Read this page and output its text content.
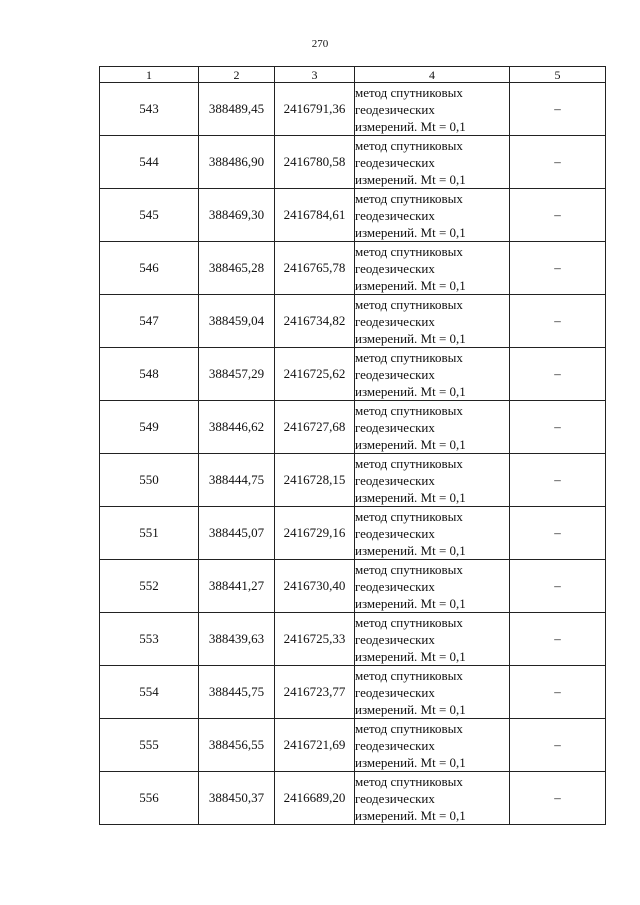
270
1	2	3	4	5
543	388489,45	2416791,36	метод спутниковых
геодезических
измерений. Mt = 0,1	–
544	388486,90	2416780,58	метод спутниковых
геодезических
измерений. Mt = 0,1	–
545	388469,30	2416784,61	метод спутниковых
геодезических
измерений. Mt = 0,1	–
546	388465,28	2416765,78	метод спутниковых
геодезических
измерений. Mt = 0,1	–
547	388459,04	2416734,82	метод спутниковых
геодезических
измерений. Mt = 0,1	–
548	388457,29	2416725,62	метод спутниковых
геодезических
измерений. Mt = 0,1	–
549	388446,62	2416727,68	метод спутниковых
геодезических
измерений. Mt = 0,1	–
550	388444,75	2416728,15	метод спутниковых
геодезических
измерений. Mt = 0,1	–
551	388445,07	2416729,16	метод спутниковых
геодезических
измерений. Mt = 0,1	–
552	388441,27	2416730,40	метод спутниковых
геодезических
измерений. Mt = 0,1	–
553	388439,63	2416725,33	метод спутниковых
геодезических
измерений. Mt = 0,1	–
554	388445,75	2416723,77	метод спутниковых
геодезических
измерений. Mt = 0,1	–
555	388456,55	2416721,69	метод спутниковых
геодезических
измерений. Mt = 0,1	–
556	388450,37	2416689,20	метод спутниковых
геодезических
измерений. Mt = 0,1	–
